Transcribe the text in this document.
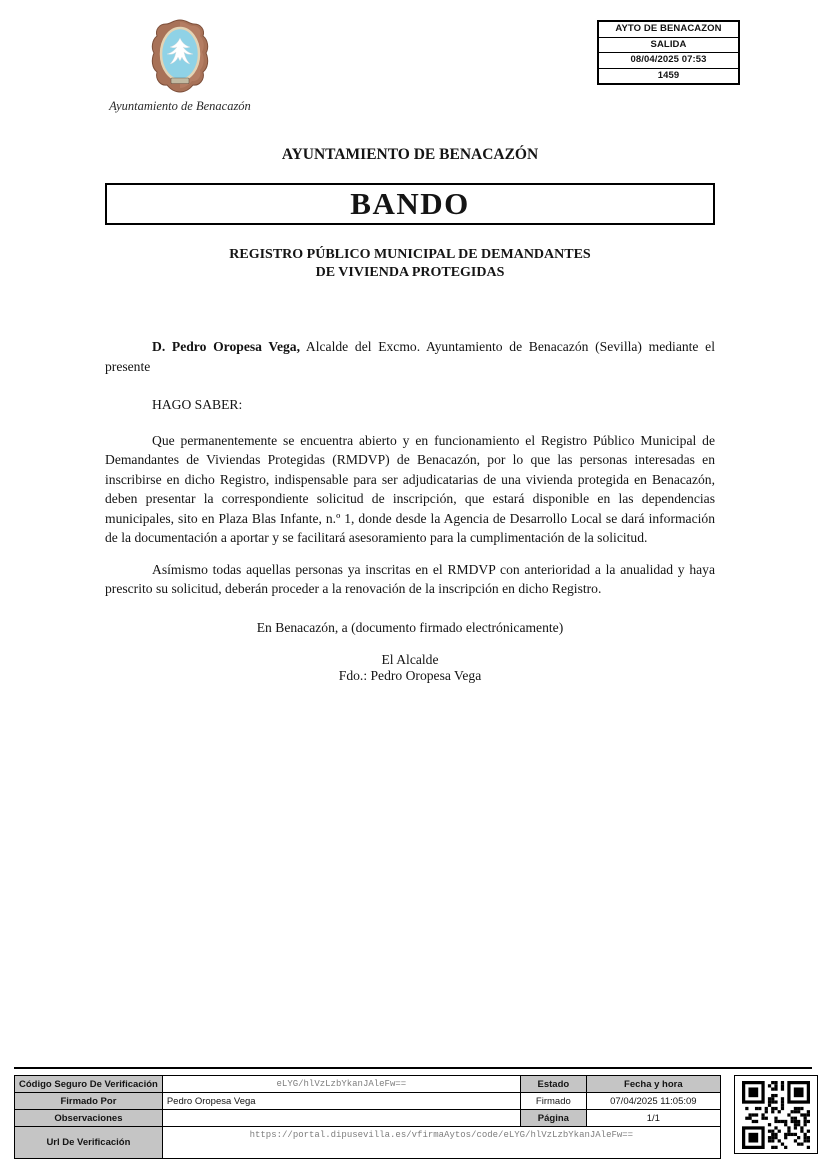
Ayuntamiento de Benacazón
AYTO DE BENACAZON
SALIDA
08/04/2025 07:53
1459
AYUNTAMIENTO DE BENACAZÓN
BANDO
REGISTRO PÚBLICO MUNICIPAL DE DEMANDANTES
DE VIVIENDA PROTEGIDAS

D. Pedro Oropesa Vega, Alcalde del Excmo. Ayuntamiento de Benacazón (Sevilla) mediante el presente

HAGO SABER:

Que permanentemente se encuentra abierto y en funcionamiento el Registro Público Municipal de Demandantes de Viviendas Protegidas (RMDVP) de Benacazón, por lo que las personas interesadas en inscribirse en dicho Registro, indispensable para ser adjudicatarias de una vivienda protegida en Benacazón, deben presentar la correspondiente solicitud de inscripción, que estará disponible en las dependencias municipales, sito en Plaza Blas Infante, n.º 1, donde desde la Agencia de Desarrollo Local se dará información de la documentación a aportar y se facilitará asesoramiento para la cumplimentación de la solicitud.

Asímismo todas aquellas personas ya inscritas en el RMDVP con anterioridad a la anualidad y haya prescrito su solicitud, deberán proceder a la renovación de la inscripción en dicho Registro.

En Benacazón, a (documento firmado electrónicamente)

El Alcalde

Fdo.: Pedro Oropesa Vega

Código Seguro De Verificación	eLYG/hlVzLzbYkanJAleFw==	Estado	Fecha y hora
Firmado Por	Pedro Oropesa Vega	Firmado	07/04/2025 11:05:09
Observaciones		Página	1/1
Url De Verificación	https://portal.dipusevilla.es/vfirmaAytos/code/eLYG/hlVzLzbYkanJAleFw==		
